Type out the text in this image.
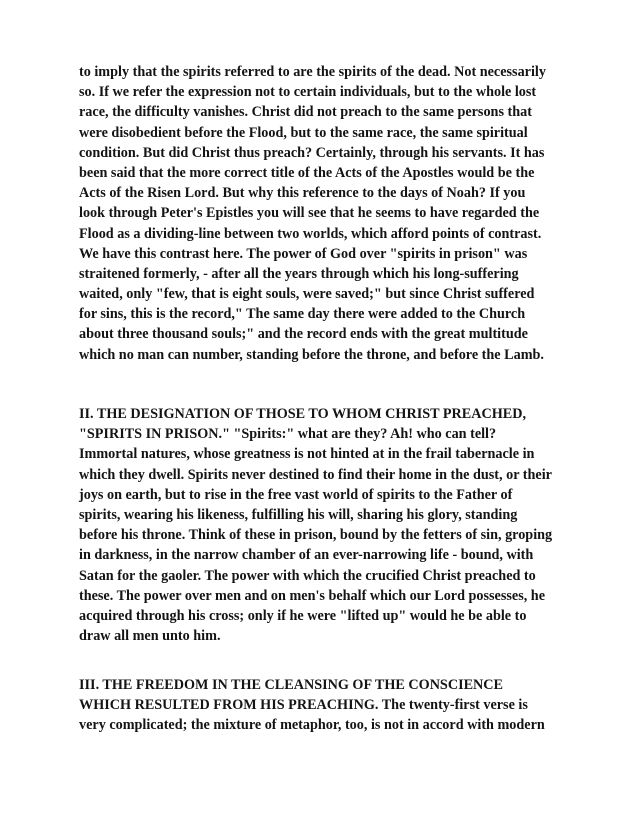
to imply that the spirits referred to are the spirits of the dead. Not necessarily
so. If we refer the expression not to certain individuals, but to the whole lost
race, the difficulty vanishes. Christ did not preach to the same persons that
were disobedient before the Flood, but to the same race, the same spiritual
condition. But did Christ thus preach? Certainly, through his servants. It has
been said that the more correct title of the Acts of the Apostles would be the
Acts of the Risen Lord. But why this reference to the days of Noah? If you
look through Peter's Epistles you will see that he seems to have regarded the
Flood as a dividing-line between two worlds, which afford points of contrast.
We have this contrast here. The power of God over "spirits in prison" was
straitened formerly, - after all the years through which his long-suffering
waited, only "few, that is eight souls, were saved;" but since Christ suffered
for sins, this is the record," The same day there were added to the Church
about three thousand souls;" and the record ends with the great multitude
which no man can number, standing before the throne, and before the Lamb.
II. THE DESIGNATION OF THOSE TO WHOM CHRIST PREACHED,
"SPIRITS IN PRISON." "Spirits:" what are they? Ah! who can tell?
Immortal natures, whose greatness is not hinted at in the frail tabernacle in
which they dwell. Spirits never destined to find their home in the dust, or their
joys on earth, but to rise in the free vast world of spirits to the Father of
spirits, wearing his likeness, fulfilling his will, sharing his glory, standing
before his throne. Think of these in prison, bound by the fetters of sin, groping
in darkness, in the narrow chamber of an ever-narrowing life - bound, with
Satan for the gaoler. The power with which the crucified Christ preached to
these. The power over men and on men's behalf which our Lord possesses, he
acquired through his cross; only if he were "lifted up" would he be able to
draw all men unto him.
III. THE FREEDOM IN THE CLEANSING OF THE CONSCIENCE
WHICH RESULTED FROM HIS PREACHING. The twenty-first verse is
very complicated; the mixture of metaphor, too, is not in accord with modern
